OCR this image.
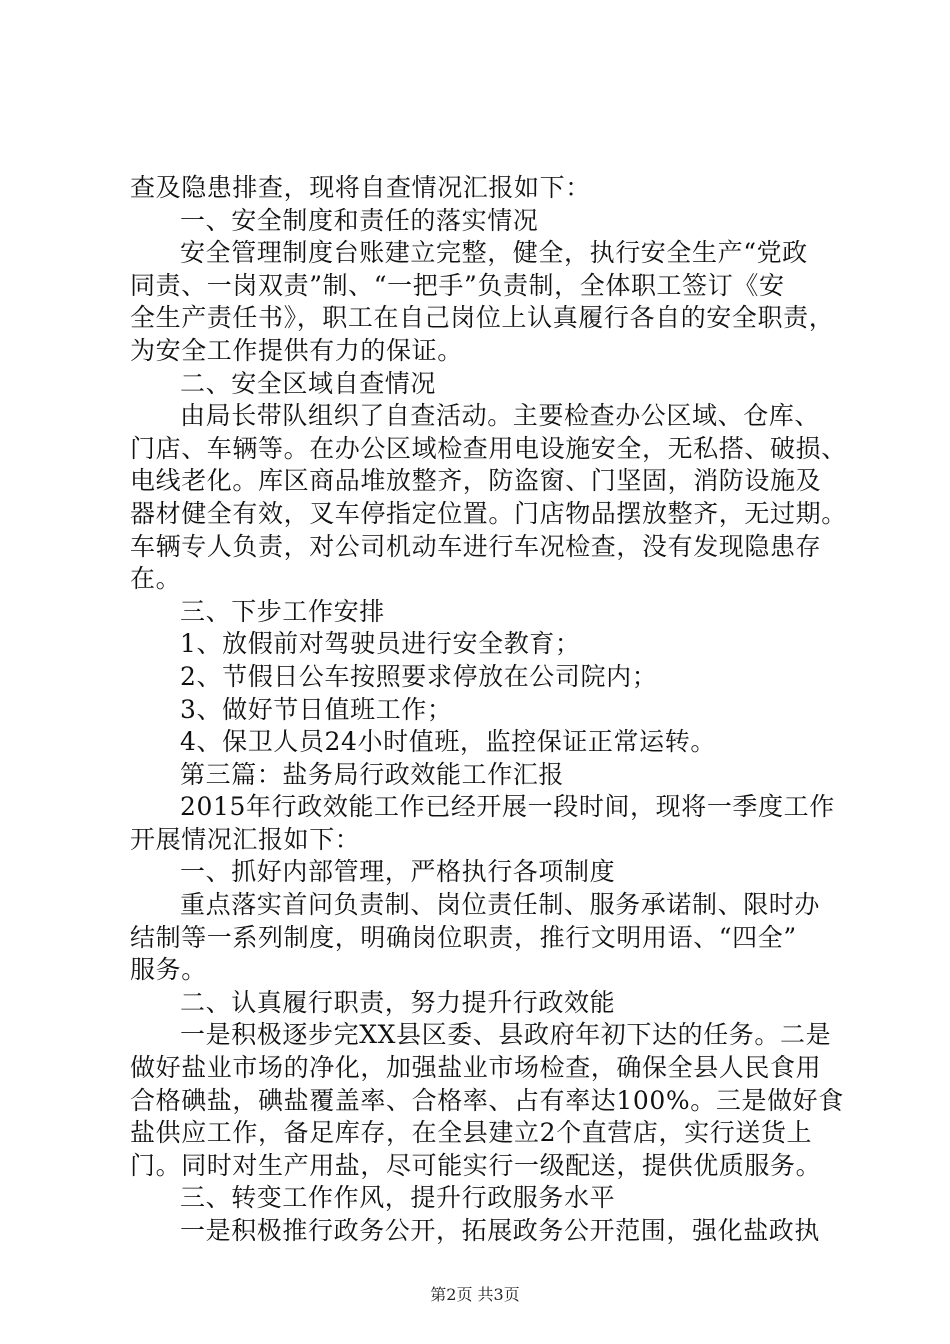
查及隐患排查，现将自查情况汇报如下：
一、安全制度和责任的落实情况
安全管理制度台账建立完整，健全，执行安全生产“党政
同责、一岗双责”制、“一把手”负责制，全体职工签订《安
全生产责任书》，职工在自己岗位上认真履行各自的安全职责，
为安全工作提供有力的保证。
二、安全区域自查情况
由局长带队组织了自查活动。主要检查办公区域、仓库、
门店、车辆等。在办公区域检查用电设施安全，无私搭、破损、
电线老化。库区商品堆放整齐，防盗窗、门坚固，消防设施及
器材健全有效，叉车停指定位置。门店物品摆放整齐，无过期。
车辆专人负责，对公司机动车进行车况检查，没有发现隐患存
在。
三、下步工作安排
1、放假前对驾驶员进行安全教育；
2、节假日公车按照要求停放在公司院内；
3、做好节日值班工作；
4、保卫人员24小时值班，监控保证正常运转。
第三篇：盐务局行政效能工作汇报
2015年行政效能工作已经开展一段时间，现将一季度工作
开展情况汇报如下：
一、抓好内部管理，严格执行各项制度
重点落实首问负责制、岗位责任制、服务承诺制、限时办
结制等一系列制度，明确岗位职责，推行文明用语、“四全”
服务。
二、认真履行职责，努力提升行政效能
一是积极逐步完XX县区委、县政府年初下达的任务。二是
做好盐业市场的净化，加强盐业市场检查，确保全县人民食用
合格碘盐，碘盐覆盖率、合格率、占有率达100%。三是做好食
盐供应工作，备足库存，在全县建立2个直营店，实行送货上
门。同时对生产用盐，尽可能实行一级配送，提供优质服务。
三、转变工作作风，提升行政服务水平
一是积极推行政务公开，拓展政务公开范围，强化盐政执
第2页 共3页
